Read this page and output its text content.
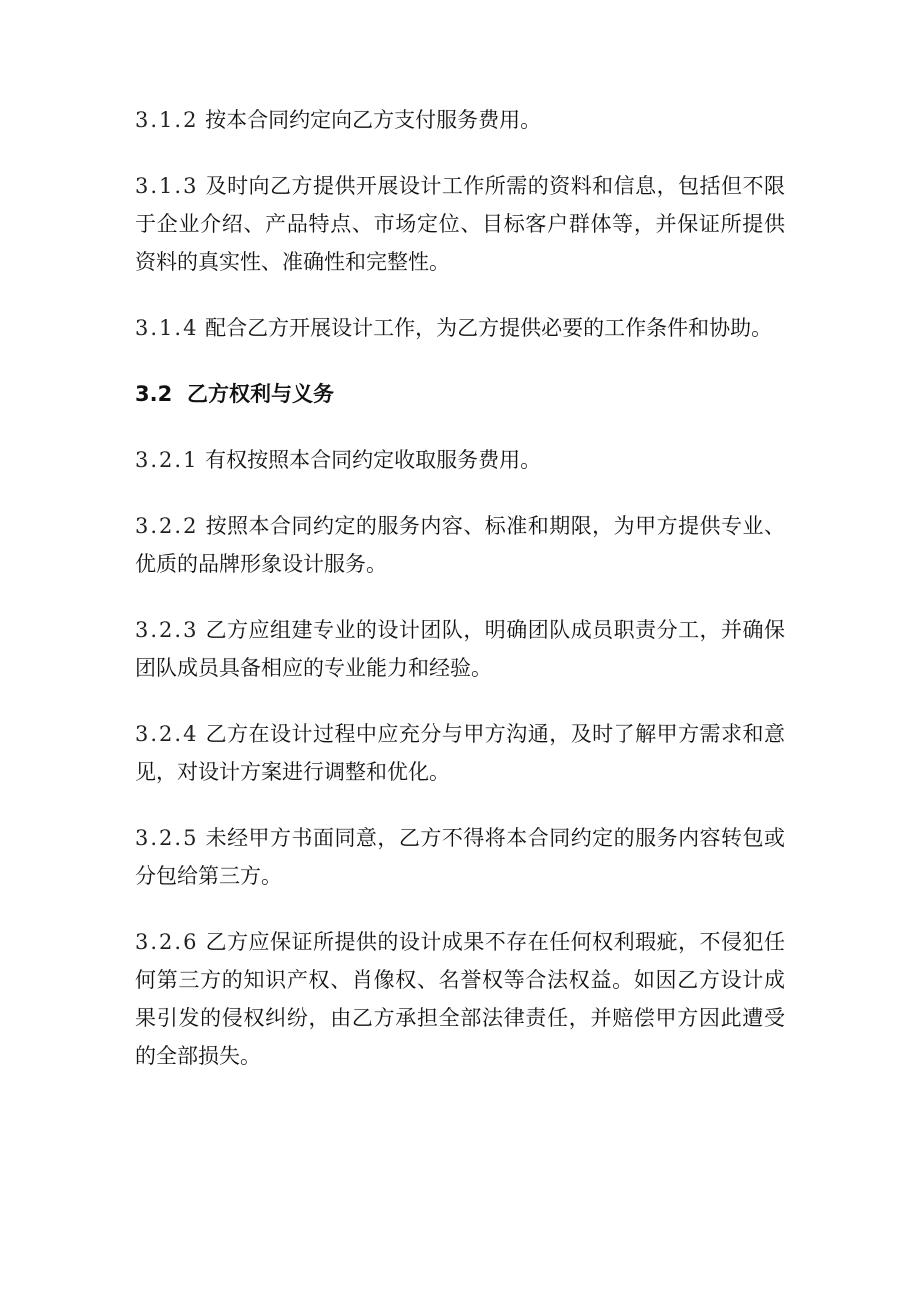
3.1.2 按本合同约定向乙方支付服务费用。

3.1.3 及时向乙方提供开展设计工作所需的资料和信息，包括但不限于企业介绍、产品特点、市场定位、目标客户群体等，并保证所提供资料的真实性、准确性和完整性。

3.1.4 配合乙方开展设计工作，为乙方提供必要的工作条件和协助。

3.2 乙方权利与义务

3.2.1 有权按照本合同约定收取服务费用。

3.2.2 按照本合同约定的服务内容、标准和期限，为甲方提供专业、优质的品牌形象设计服务。

3.2.3 乙方应组建专业的设计团队，明确团队成员职责分工，并确保团队成员具备相应的专业能力和经验。

3.2.4 乙方在设计过程中应充分与甲方沟通，及时了解甲方需求和意见，对设计方案进行调整和优化。

3.2.5 未经甲方书面同意，乙方不得将本合同约定的服务内容转包或分包给第三方。

3.2.6 乙方应保证所提供的设计成果不存在任何权利瑕疵，不侵犯任何第三方的知识产权、肖像权、名誉权等合法权益。如因乙方设计成果引发的侵权纠纷，由乙方承担全部法律责任，并赔偿甲方因此遭受的全部损失。
